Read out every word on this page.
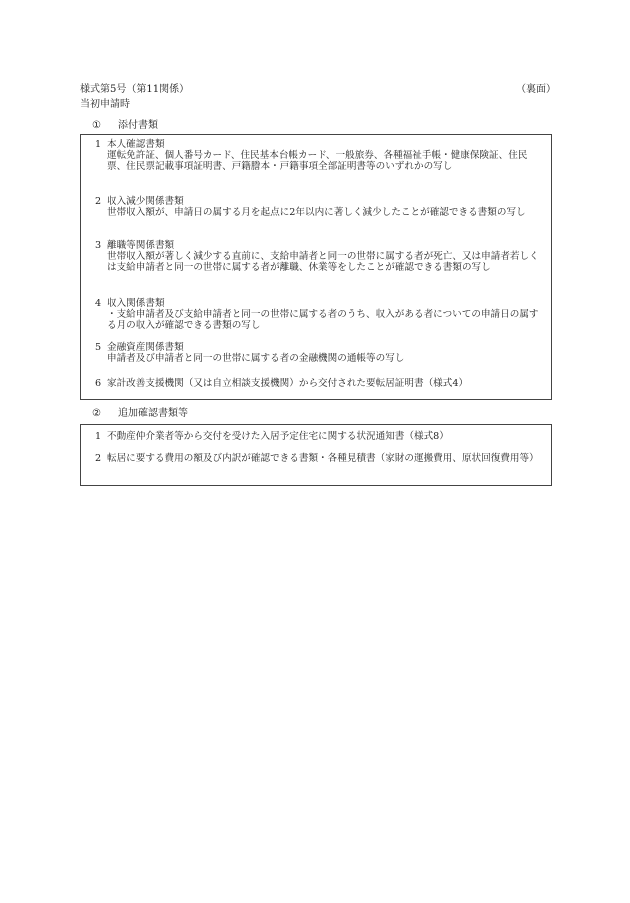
様式第5号（第11関係）	（裏面）
当初申請時
① 添付書類
1 本人確認書類
運転免許証、個人番号カード、住民基本台帳カード、一般旅券、各種福祉手帳・健康保険証、住民票、住民票記載事項証明書、戸籍謄本・戸籍事項全部証明書等のいずれかの写し
2 収入減少関係書類
世帯収入額が、申請日の属する月を起点に2年以内に著しく減少したことが確認できる書類の写し
3 離職等関係書類
世帯収入額が著しく減少する直前に、支給申請者と同一の世帯に属する者が死亡、又は申請者若しくは支給申請者と同一の世帯に属する者が離職、休業等をしたことが確認できる書類の写し
4 収入関係書類
・支給申請者及び支給申請者と同一の世帯に属する者のうち、収入がある者についての申請日の属する月の収入が確認できる書類の写し
5 金融資産関係書類
申請者及び申請者と同一の世帯に属する者の金融機関の通帳等の写し
6 家計改善支援機関（又は自立相談支援機関）から交付された要転居証明書（様式4）
② 追加確認書類等
1 不動産仲介業者等から交付を受けた入居予定住宅に関する状況通知書（様式8）
2 転居に要する費用の額及び内訳が確認できる書類・各種見積書（家財の運搬費用、原状回復費用等）
